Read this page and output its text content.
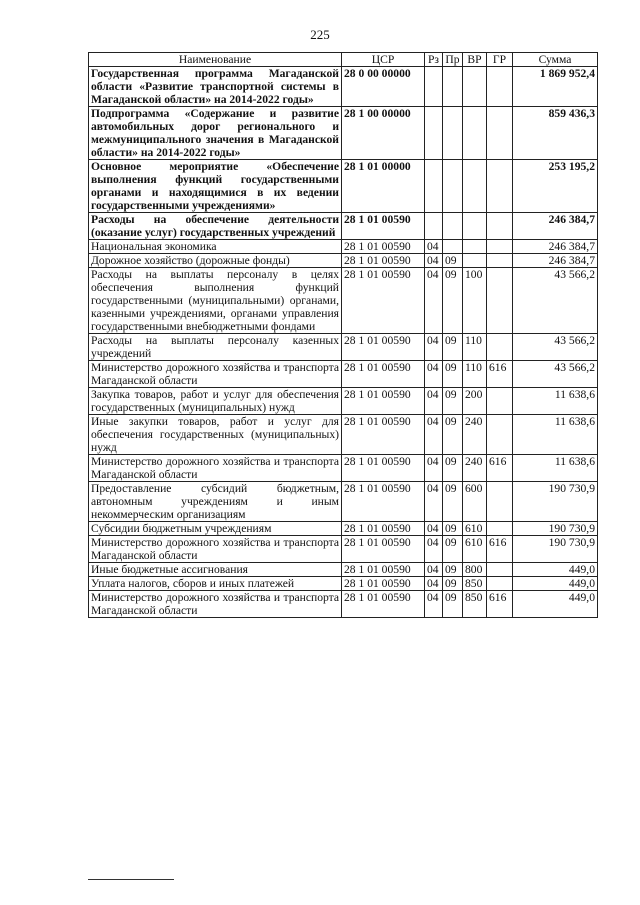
225
Наименование	ЦСР	Рз	Пр	ВР	ГР	Сумма
Государственная программа Магаданской области «Развитие транспортной системы в Магаданской области» на 2014-2022 годы»	28 0 00 00000					1 869 952,4
Подпрограмма «Содержание и развитие автомобильных дорог регионального и межмуниципального значения в Магаданской области» на 2014-2022 годы»	28 1 00 00000					859 436,3
Основное мероприятие «Обеспечение выполнения функций государственными органами и находящимися в их ведении государственными учреждениями»	28 1 01 00000					253 195,2
Расходы на обеспечение деятельности (оказание услуг) государственных учреждений	28 1 01 00590					246 384,7
Национальная экономика	28 1 01 00590	04				246 384,7
Дорожное хозяйство (дорожные фонды)	28 1 01 00590	04	09			246 384,7
Расходы на выплаты персоналу в целях обеспечения выполнения функций государственными (муниципальными) органами, казенными учреждениями, органами управления государственными внебюджетными фондами	28 1 01 00590	04	09	100		43 566,2
Расходы на выплаты персоналу казенных учреждений	28 1 01 00590	04	09	110		43 566,2
Министерство дорожного хозяйства и транспорта Магаданской области	28 1 01 00590	04	09	110	616	43 566,2
Закупка товаров, работ и услуг для обеспечения государственных (муниципальных) нужд	28 1 01 00590	04	09	200		11 638,6
Иные закупки товаров, работ и услуг для обеспечения государственных (муниципальных) нужд	28 1 01 00590	04	09	240		11 638,6
Министерство дорожного хозяйства и транспорта Магаданской области	28 1 01 00590	04	09	240	616	11 638,6
Предоставление субсидий бюджетным, автономным учреждениям и иным некоммерческим организациям	28 1 01 00590	04	09	600		190 730,9
Субсидии бюджетным учреждениям	28 1 01 00590	04	09	610		190 730,9
Министерство дорожного хозяйства и транспорта Магаданской области	28 1 01 00590	04	09	610	616	190 730,9
Иные бюджетные ассигнования	28 1 01 00590	04	09	800		449,0
Уплата налогов, сборов и иных платежей	28 1 01 00590	04	09	850		449,0
Министерство дорожного хозяйства и транспорта Магаданской области	28 1 01 00590	04	09	850	616	449,0
